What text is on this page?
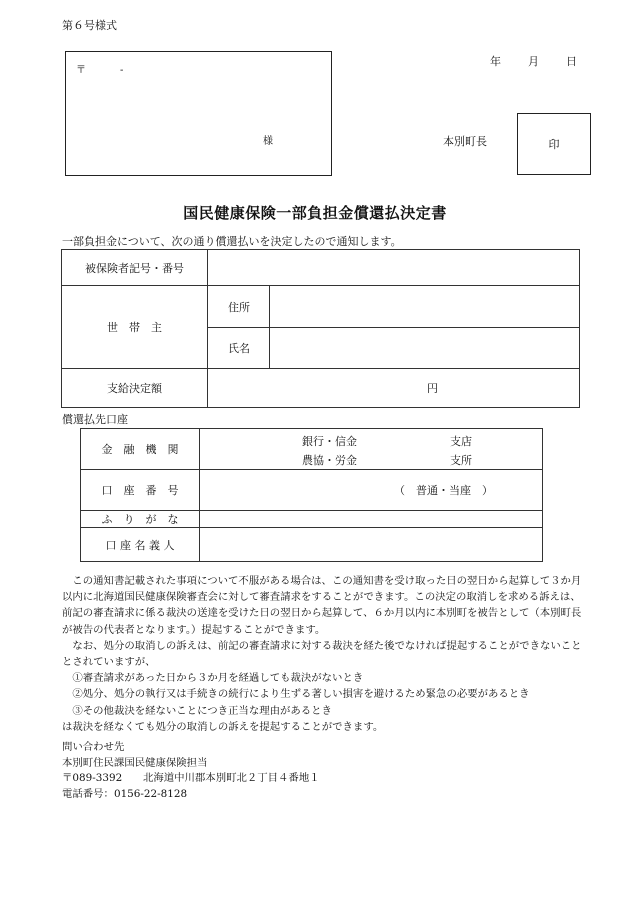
第６号様式
〒	-
様
年 月 日
本別町長	印
国民健康保険一部負担金償還払決定書
一部負担金について、次の通り償還払いを決定したので通知します。
被保険者記号・番号		
世　帯　主	住所	
	氏名	
支給決定額	円	
償還払先口座
金　融　機　関	銀行・信金 支店
農協・労金 支所

口　座　番　号	（　普通・当座　）
ふ　り　が　な	
口 座 名 義 人	

　この通知書記載された事項について不服がある場合は、この通知書を受け取った日の翌日から起算して３か月以内に北海道国民健康保険審査会に対して審査請求をすることができます。この決定の取消しを求める訴えは、前記の審査請求に係る裁決の送達を受けた日の翌日から起算して、６か月以内に本別町を被告として（本別町長が被告の代表者となります。）提起することができます。

　なお、処分の取消しの訴えは、前記の審査請求に対する裁決を経た後でなければ提起することができないこととされていますが、

　①審査請求があった日から３か月を経過しても裁決がないとき

　②処分、処分の執行又は手続きの続行により生ずる著しい損害を避けるため緊急の必要があるとき

　③その他裁決を経ないことにつき正当な理由があるとき

は裁決を経なくても処分の取消しの訴えを提起することができます。

問い合わせ先

本別町住民課国民健康保険担当

〒089-3392　　北海道中川郡本別町北２丁目４番地１

電話番号：0156-22-8128
